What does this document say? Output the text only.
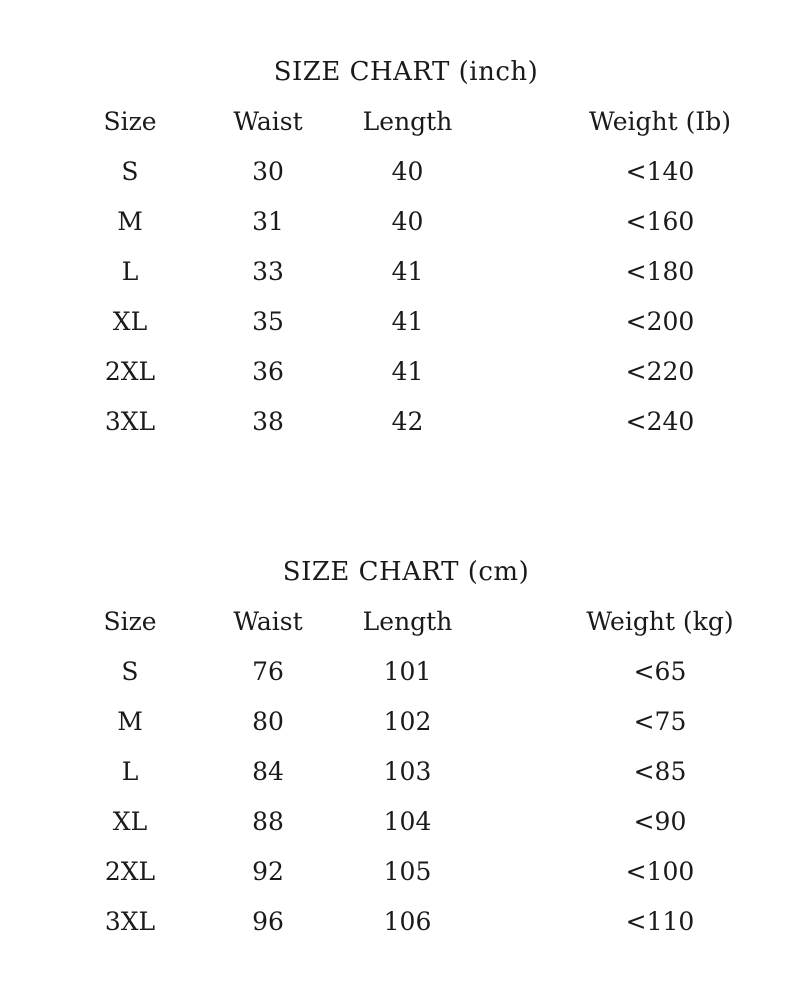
SIZE CHART (inch)
Size	Waist	Length	Weight (Ib)
S	30	40	<140
M	31	40	<160
L	33	41	<180
XL	35	41	<200
2XL	36	41	<220
3XL	38	42	<240
SIZE CHART (cm)
Size	Waist	Length	Weight (kg)
S	76	101	<65
M	80	102	<75
L	84	103	<85
XL	88	104	<90
2XL	92	105	<100
3XL	96	106	<110
